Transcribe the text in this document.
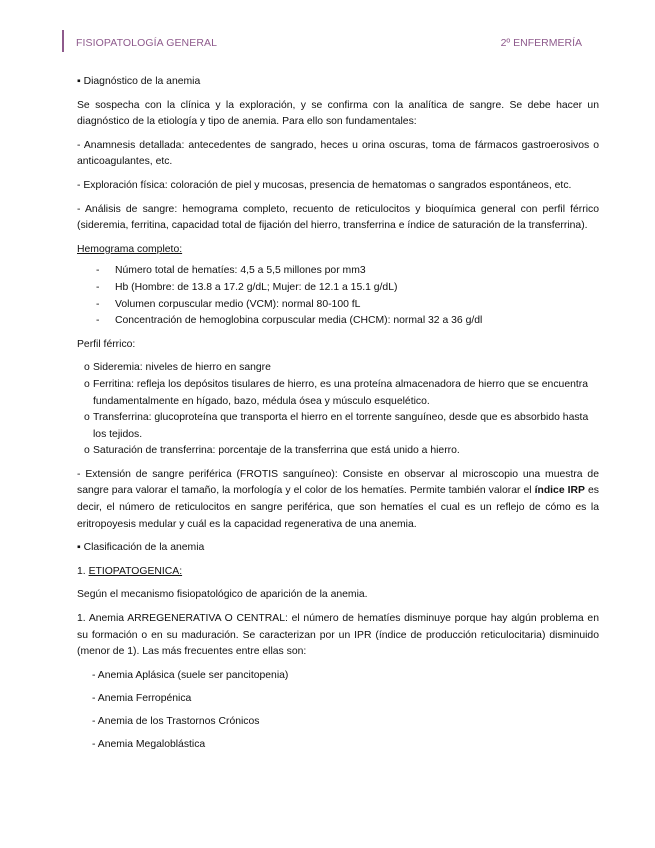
FISIOPATOLOGÍA GENERAL	2º ENFERMERÍA

▪ Diagnóstico de la anemia

Se sospecha con la clínica y la exploración, y se confirma con la analítica de sangre. Se debe hacer un diagnóstico de la etiología y tipo de anemia. Para ello son fundamentales:

- Anamnesis detallada: antecedentes de sangrado, heces u orina oscuras, toma de fármacos gastroerosivos o anticoagulantes, etc.

- Exploración física: coloración de piel y mucosas, presencia de hematomas o sangrados espontáneos, etc.

- Análisis de sangre: hemograma completo, recuento de reticulocitos y bioquímica general con perfil férrico (sideremia, ferritina, capacidad total de fijación del hierro, transferrina e índice de saturación de la transferrina).

Hemograma completo:

- Número total de hematíes: 4,5 a 5,5 millones por mm3
- Hb (Hombre: de 13.8 a 17.2 g/dL; Mujer: de 12.1 a 15.1 g/dL)
- Volumen corpuscular medio (VCM): normal 80-100 fL
- Concentración de hemoglobina corpuscular media (CHCM): normal 32 a 36 g/dl

Perfil férrico:

o Sideremia: niveles de hierro en sangre
o Ferritina: refleja los depósitos tisulares de hierro, es una proteína almacenadora de hierro que se encuentra fundamentalmente en hígado, bazo, médula ósea y músculo esquelético.
o Transferrina: glucoproteína que transporta el hierro en el torrente sanguíneo, desde que es absorbido hasta los tejidos.
o Saturación de transferrina: porcentaje de la transferrina que está unido a hierro.

- Extensión de sangre periférica (FROTIS sanguíneo): Consiste en observar al microscopio una muestra de sangre para valorar el tamaño, la morfología y el color de los hematíes. Permite también valorar el índice IRP es decir, el número de reticulocitos en sangre periférica, que son hematíes el cual es un reflejo de cómo es la eritropoyesis medular y cuál es la capacidad regenerativa de una anemia.

▪ Clasificación de la anemia

1. ETIOPATOGENICA:

Según el mecanismo fisiopatológico de aparición de la anemia.

1. Anemia ARREGENERATIVA O CENTRAL: el número de hematíes disminuye porque hay algún problema en su formación o en su maduración. Se caracterizan por un IPR (índice de producción reticulocitaria) disminuido (menor de 1). Las más frecuentes entre ellas son:

- Anemia Aplásica (suele ser pancitopenia)
- Anemia Ferropénica
- Anemia de los Trastornos Crónicos
- Anemia Megaloblástica
